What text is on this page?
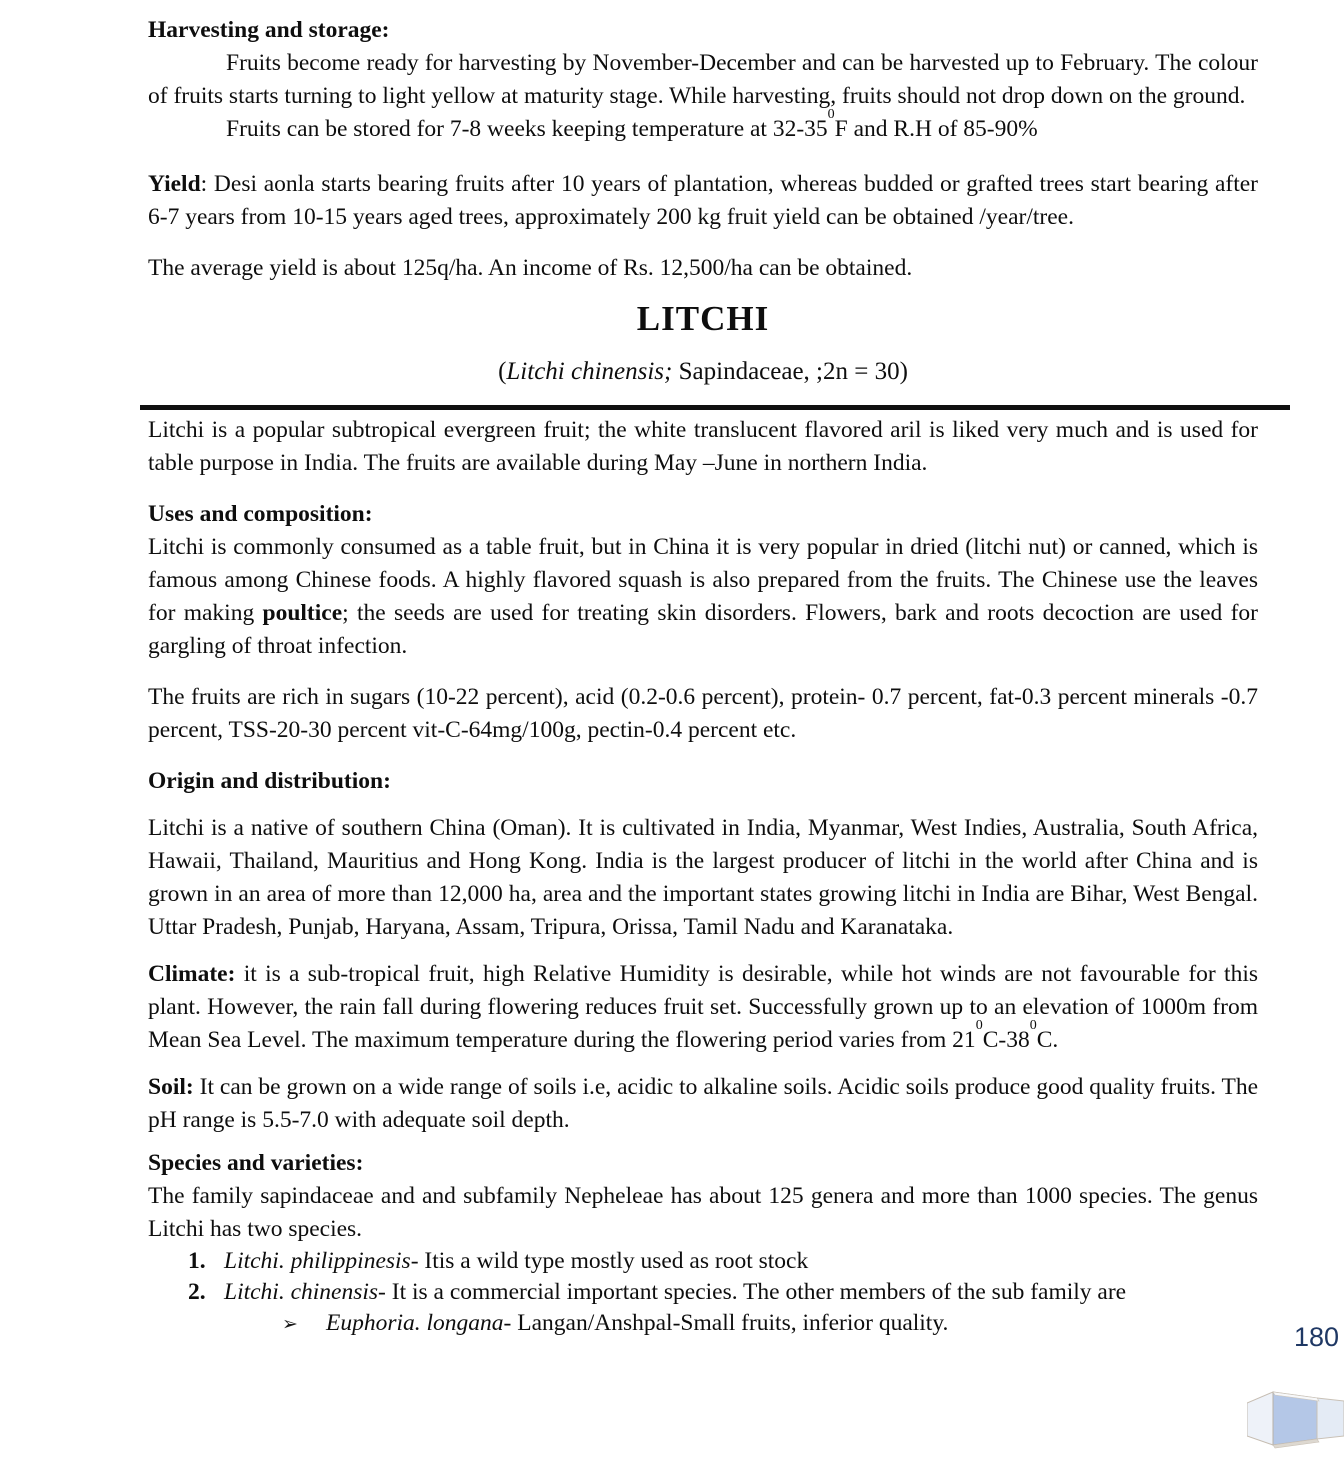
Harvesting and storage:

Fruits become ready for harvesting by November-December and can be harvested up to February. The colour of fruits starts turning to light yellow at maturity stage. While harvesting, fruits should not drop down on the ground.

Fruits can be stored for 7-8 weeks keeping temperature at $32-35^0F$ and R.H of 85-90%

Yield: Desi aonla starts bearing fruits after 10 years of plantation, whereas budded or grafted trees start bearing after 6-7 years from 10-15 years aged trees, approximately 200 kg fruit yield can be obtained /year/tree.

The average yield is about 125q/ha. An income of Rs. 12,500/ha can be obtained.

LITCHI

(Litchi chinensis; Sapindaceae, ;2n = 30)

Litchi is a popular subtropical evergreen fruit; the white translucent flavored aril is liked very much and is used for table purpose in India. The fruits are available during May –June in northern India.

Uses and composition:

Litchi is commonly consumed as a table fruit, but in China it is very popular in dried (litchi nut) or canned, which is famous among Chinese foods. A highly flavored squash is also prepared from the fruits. The Chinese use the leaves for making poultice; the seeds are used for treating skin disorders. Flowers, bark and roots decoction are used for gargling of throat infection.

The fruits are rich in sugars (10-22 percent), acid (0.2-0.6 percent), protein- 0.7 percent, fat-0.3 percent minerals -0.7 percent, TSS-20-30 percent vit-C-64mg/100g, pectin-0.4 percent etc.

Origin and distribution:

Litchi is a native of southern China (Oman). It is cultivated in India, Myanmar, West Indies, Australia, South Africa, Hawaii, Thailand, Mauritius and Hong Kong. India is the largest producer of litchi in the world after China and is grown in an area of more than 12,000 ha, area and the important states growing litchi in India are Bihar, West Bengal. Uttar Pradesh, Punjab, Haryana, Assam, Tripura, Orissa, Tamil Nadu and Karanataka.

Climate: it is a sub-tropical fruit, high Relative Humidity is desirable, while hot winds are not favourable for this plant. However, the rain fall during flowering reduces fruit set. Successfully grown up to an elevation of 1000m from Mean Sea Level. The maximum temperature during the flowering period varies from $21^0C-38^0C$.

Soil: It can be grown on a wide range of soils i.e, acidic to alkaline soils. Acidic soils produce good quality fruits. The pH range is 5.5-7.0 with adequate soil depth.

Species and varieties:

The family sapindaceae and and subfamily Nepheleae has about 125 genera and more than 1000 species. The genus Litchi has two species.

1. Litchi. philippinesis- Itis a wild type mostly used as root stock

2. Litchi. chinensis- It is a commercial important species. The other members of the sub family are

➢ Euphoria. longana- Langan/Anshpal-Small fruits, inferior quality.	180
